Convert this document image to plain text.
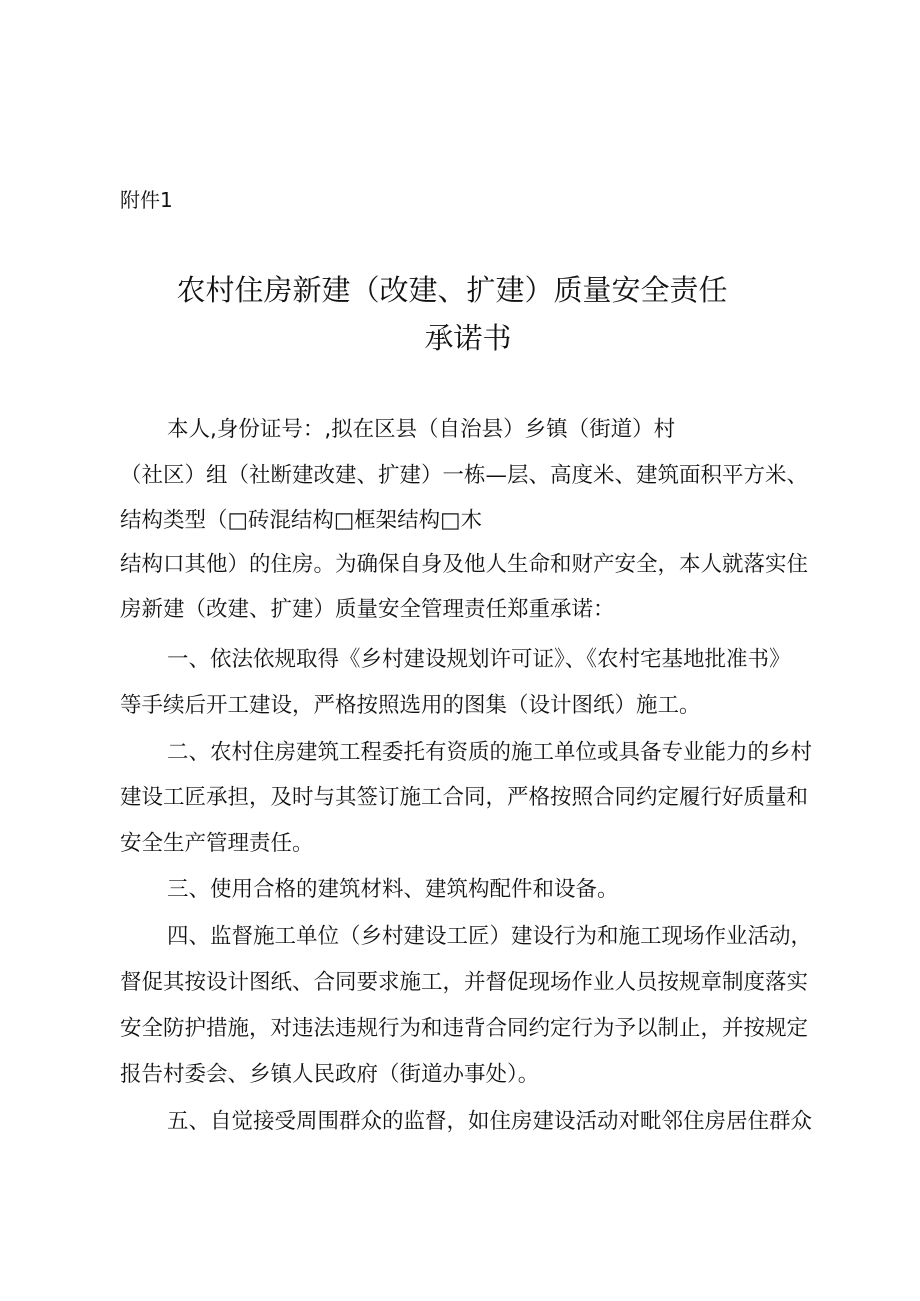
附件1
农村住房新建（改建、扩建）质量安全责任
承诺书
本人,身份证号：,拟在区县（自治县）乡镇（街道）村
（社区）组（社断建改建、扩建）一栋—层、高度米、建筑面积平方米、
结构类型（□砖混结构□框架结构□木
结构口其他）的住房。为确保自身及他人生命和财产安全，本人就落实住
房新建（改建、扩建）质量安全管理责任郑重承诺：
一、依法依规取得《乡村建设规划许可证》、《农村宅基地批准书》
等手续后开工建设，严格按照选用的图集（设计图纸）施工。
二、农村住房建筑工程委托有资质的施工单位或具备专业能力的乡村
建设工匠承担，及时与其签订施工合同，严格按照合同约定履行好质量和
安全生产管理责任。
三、使用合格的建筑材料、建筑构配件和设备。
四、监督施工单位（乡村建设工匠）建设行为和施工现场作业活动，
督促其按设计图纸、合同要求施工，并督促现场作业人员按规章制度落实
安全防护措施，对违法违规行为和违背合同约定行为予以制止，并按规定
报告村委会、乡镇人民政府（街道办事处）。
五、自觉接受周围群众的监督，如住房建设活动对毗邻住房居住群众
